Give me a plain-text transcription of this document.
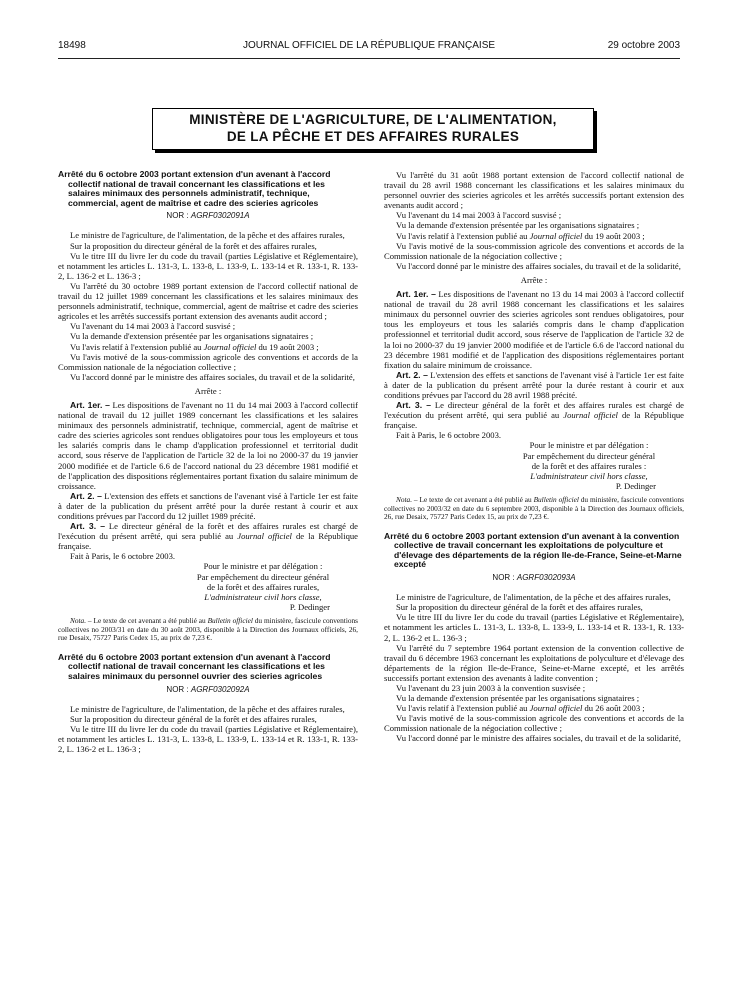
18498	JOURNAL OFFICIEL DE LA RÉPUBLIQUE FRANÇAISE	29 octobre 2003
MINISTÈRE DE L'AGRICULTURE, DE L'ALIMENTATION,
DE LA PÊCHE ET DES AFFAIRES RURALES

Arrêté du 6 octobre 2003 portant extension d'un avenant à l'accord collectif national de travail concernant les classifications et les salaires minimaux des personnels administratif, technique, commercial, agent de maîtrise et cadre des scieries agricoles

NOR : AGRF0302091A

Le ministre de l'agriculture, de l'alimentation, de la pêche et des affaires rurales,

Sur la proposition du directeur général de la forêt et des affaires rurales,

Vu le titre III du livre Ier du code du travail (parties Législative et Réglementaire), et notamment les articles L. 131-3, L. 133-8, L. 133-9, L. 133-14 et R. 133-1, R. 133-2, L. 136-2 et L. 136-3 ;

Vu l'arrêté du 30 octobre 1989 portant extension de l'accord collectif national de travail du 12 juillet 1989 concernant les classifications et les salaires minimaux des personnels administratif, technique, commercial, agent de maîtrise et cadre des scieries agricoles et les arrêtés successifs portant extension des avenants audit accord ;

Vu l'avenant du 14 mai 2003 à l'accord susvisé ;

Vu la demande d'extension présentée par les organisations signataires ;

Vu l'avis relatif à l'extension publié au Journal officiel du 19 août 2003 ;

Vu l'avis motivé de la sous-commission agricole des conventions et accords de la Commission nationale de la négociation collective ;

Vu l'accord donné par le ministre des affaires sociales, du travail et de la solidarité,

Arrête :

Art. 1er. – Les dispositions de l'avenant no 11 du 14 mai 2003 à l'accord collectif national de travail du 12 juillet 1989 concernant les classifications et les salaires minimaux des personnels administratif, technique, commercial, agent de maîtrise et cadre des scieries agricoles sont rendues obligatoires pour tous les employeurs et tous les salariés compris dans le champ d'application professionnel et territorial dudit accord, sous réserve de l'application de l'article 32 de la loi no 2000-37 du 19 janvier 2000 modifiée et de l'article 6.6 de l'accord national du 23 décembre 1981 modifié et de l'application des dispositions réglementaires portant fixation du salaire minimum de croissance.

Art. 2. – L'extension des effets et sanctions de l'avenant visé à l'article 1er est faite à dater de la publication du présent arrêté pour la durée restant à courir et aux conditions prévues par l'accord du 12 juillet 1989 précité.

Art. 3. – Le directeur général de la forêt et des affaires rurales est chargé de l'exécution du présent arrêté, qui sera publié au Journal officiel de la République française.

Fait à Paris, le 6 octobre 2003.

Pour le ministre et par délégation :

Par empêchement du directeur général

de la forêt et des affaires rurales,

L'administrateur civil hors classe,

P. Dedinger

Nota. – Le texte de cet avenant a été publié au Bulletin officiel du ministère, fascicule conventions collectives no 2003/31 en date du 30 août 2003, disponible à la Direction des Journaux officiels, 26, rue Desaix, 75727 Paris Cedex 15, au prix de 7,23 €.

Arrêté du 6 octobre 2003 portant extension d'un avenant à l'accord collectif national de travail concernant les classifications et les salaires minimaux du personnel ouvrier des scieries agricoles

NOR : AGRF0302092A

Le ministre de l'agriculture, de l'alimentation, de la pêche et des affaires rurales,

Sur la proposition du directeur général de la forêt et des affaires rurales,

Vu le titre III du livre Ier du code du travail (parties Législative et Réglementaire), et notamment les articles L. 131-3, L. 133-8, L. 133-9, L. 133-14 et R. 133-1, R. 133-2, L. 136-2 et L. 136-3 ;

Vu l'arrêté du 31 août 1988 portant extension de l'accord collectif national de travail du 28 avril 1988 concernant les classifications et les salaires minimaux du personnel ouvrier des scieries agricoles et les arrêtés successifs portant extension des avenants audit accord ;

Vu l'avenant du 14 mai 2003 à l'accord susvisé ;

Vu la demande d'extension présentée par les organisations signataires ;

Vu l'avis relatif à l'extension publié au Journal officiel du 19 août 2003 ;

Vu l'avis motivé de la sous-commission agricole des conventions et accords de la Commission nationale de la négociation collective ;

Vu l'accord donné par le ministre des affaires sociales, du travail et de la solidarité,

Arrête :

Art. 1er. – Les dispositions de l'avenant no 13 du 14 mai 2003 à l'accord collectif national de travail du 28 avril 1988 concernant les classifications et les salaires minimaux du personnel ouvrier des scieries agricoles sont rendues obligatoires, pour tous les employeurs et tous les salariés compris dans le champ d'application professionnel et territorial dudit accord, sous réserve de l'application de l'article 32 de la loi no 2000-37 du 19 janvier 2000 modifiée et de l'article 6.6 de l'accord national du 23 décembre 1981 modifié et de l'application des dispositions réglementaires portant fixation du salaire minimum de croissance.

Art. 2. – L'extension des effets et sanctions de l'avenant visé à l'article 1er est faite à dater de la publication du présent arrêté pour la durée restant à courir et aux conditions prévues par l'accord du 28 avril 1988 précité.

Art. 3. – Le directeur général de la forêt et des affaires rurales est chargé de l'exécution du présent arrêté, qui sera publié au Journal officiel de la République française.

Fait à Paris, le 6 octobre 2003.

Pour le ministre et par délégation :

Par empêchement du directeur général

de la forêt et des affaires rurales :

L'administrateur civil hors classe,

P. Dedinger

Nota. – Le texte de cet avenant a été publié au Bulletin officiel du ministère, fascicule conventions collectives no 2003/32 en date du 6 septembre 2003, disponible à la Direction des Journaux officiels, 26, rue Desaix, 75727 Paris Cedex 15, au prix de 7,23 €.

Arrêté du 6 octobre 2003 portant extension d'un avenant à la convention collective de travail concernant les exploitations de polyculture et d'élevage des départements de la région Ile-de-France, Seine-et-Marne excepté

NOR : AGRF0302093A

Le ministre de l'agriculture, de l'alimentation, de la pêche et des affaires rurales,

Sur la proposition du directeur général de la forêt et des affaires rurales,

Vu le titre III du livre Ier du code du travail (parties Législative et Réglementaire), et notamment les articles L. 131-3, L. 133-8, L. 133-9, L. 133-14 et R. 133-1, R. 133-2, L. 136-2 et L. 136-3 ;

Vu l'arrêté du 7 septembre 1964 portant extension de la convention collective de travail du 6 décembre 1963 concernant les exploitations de polyculture et d'élevage des départements de la région Ile-de-France, Seine-et-Marne excepté, et les arrêtés successifs portant extension des avenants à ladite convention ;

Vu l'avenant du 23 juin 2003 à la convention susvisée ;

Vu la demande d'extension présentée par les organisations signataires ;

Vu l'avis relatif à l'extension publié au Journal officiel du 26 août 2003 ;

Vu l'avis motivé de la sous-commission agricole des conventions et accords de la Commission nationale de la négociation collective ;

Vu l'accord donné par le ministre des affaires sociales, du travail et de la solidarité,
